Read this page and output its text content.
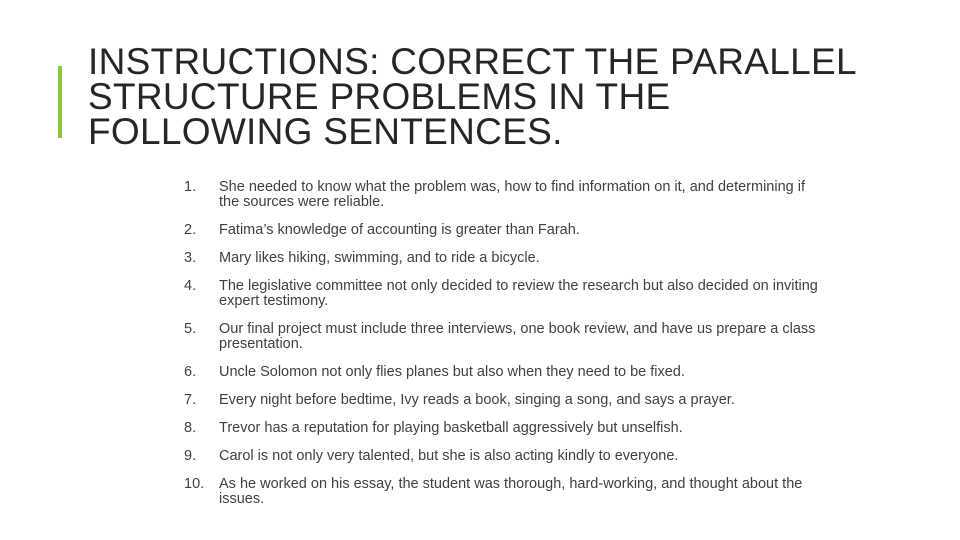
INSTRUCTIONS: CORRECT THE PARALLEL STRUCTURE PROBLEMS IN THE FOLLOWING SENTENCES.
1.	She needed to know what the problem was, how to find information on it, and determining if the sources were reliable.
2.	Fatima’s knowledge of accounting is greater than Farah.
3.	Mary likes hiking, swimming, and to ride a bicycle.
4.	The legislative committee not only decided to review the research but also decided on inviting expert testimony.
5.	Our final project must include three interviews, one book review, and have us prepare a class presentation.
6.	Uncle Solomon not only flies planes but also when they need to be fixed.
7.	Every night before bedtime, Ivy reads a book, singing a song, and says a prayer.
8.	Trevor has a reputation for playing basketball aggressively but unselfish.
9.	Carol is not only very talented, but she is also acting kindly to everyone.
10.	As he worked on his essay, the student was thorough, hard-working, and thought about the issues.
